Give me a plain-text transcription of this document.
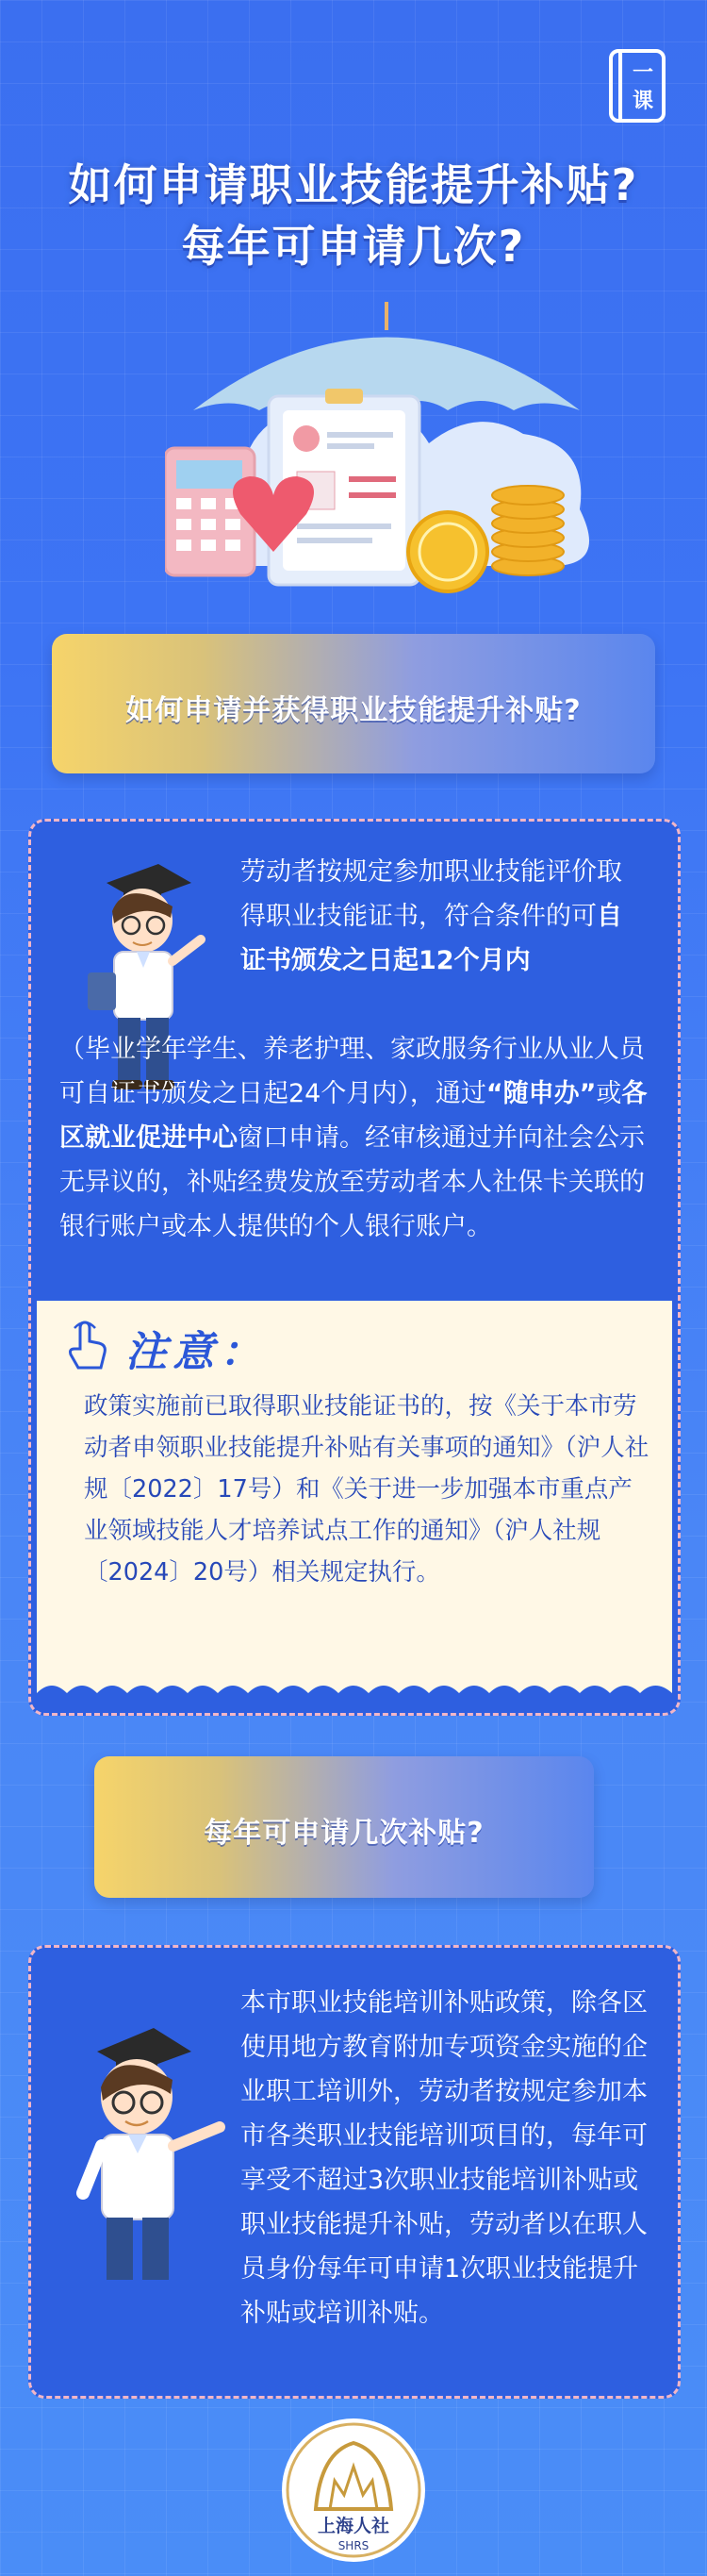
一
课
如何申请职业技能提升补贴?
每年可申请几次?
如何申请并获得职业技能提升补贴?
劳动者按规定参加职业技能评价取得职业技能证书，符合条件的可自证书颁发之日起12个月内
（毕业学年学生、养老护理、家政服务行业从业人员可自证书颁发之日起24个月内），通过“随申办”或各区就业促进中心窗口申请。经审核通过并向社会公示无异议的，补贴经费发放至劳动者本人社保卡关联的银行账户或本人提供的个人银行账户。
注意：
政策实施前已取得职业技能证书的，按《关于本市劳动者申领职业技能提升补贴有关事项的通知》（沪人社规〔2022〕17号）和《关于进一步加强本市重点产业领域技能人才培养试点工作的通知》（沪人社规〔2024〕20号）相关规定执行。
每年可申请几次补贴?
本市职业技能培训补贴政策，除各区使用地方教育附加专项资金实施的企业职工培训外，劳动者按规定参加本市各类职业技能培训项目的，每年可享受不超过3次职业技能培训补贴或职业技能提升补贴，劳动者以在职人员身份每年可申请1次职业技能提升补贴或培训补贴。
上海人社
SHRS
